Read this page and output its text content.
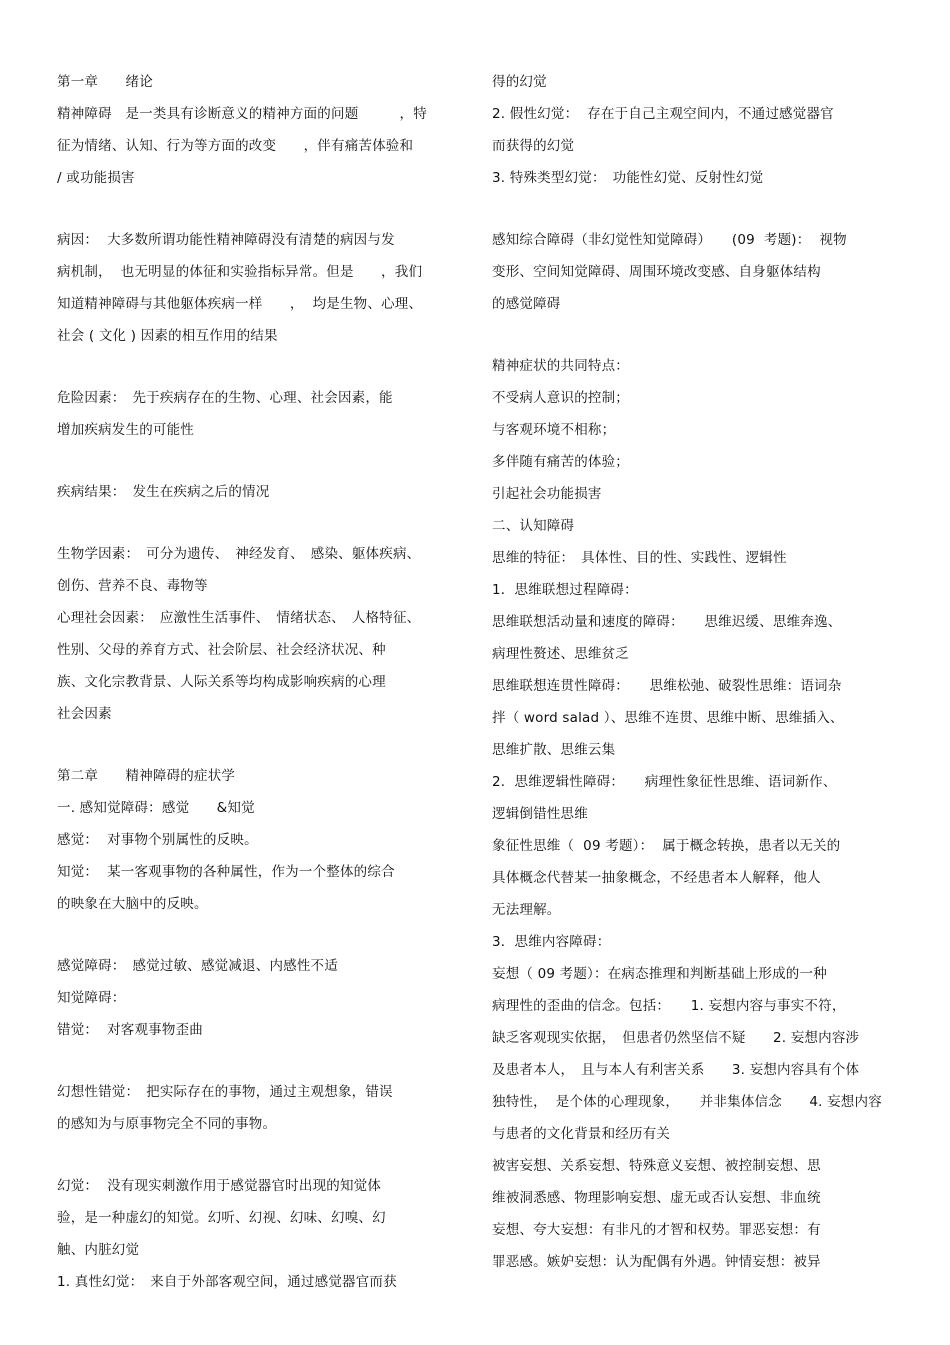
第一章　　绪论
精神障碍　是一类具有诊断意义的精神方面的问题　　　，特
征为情绪、认知、行为等方面的改变　　，伴有痛苦体验和
/ 或功能损害
病因：  大多数所谓功能性精神障碍没有清楚的病因与发
病机制，  也无明显的体征和实验指标异常。但是　　，我们
知道精神障碍与其他躯体疾病一样　　，  均是生物、心理、
社会 ( 文化 ) 因素的相互作用的结果
危险因素：　先于疾病存在的生物、心理、社会因素，能
增加疾病发生的可能性
疾病结果：　发生在疾病之后的情况
生物学因素：　可分为遗传、　神经发育、　感染、躯体疾病、
创伤、营养不良、毒物等
心理社会因素：　应激性生活事件、　情绪状态、　人格特征、
性别、父母的养育方式、社会阶层、社会经济状况、种
族、文化宗教背景、人际关系等均构成影响疾病的心理
社会因素
第二章　　精神障碍的症状学
一. 感知觉障碍：感觉　　&知觉
感觉：  对事物个别属性的反映。
知觉：  某一客观事物的各种属性，作为一个整体的综合
的映象在大脑中的反映。
感觉障碍：　感觉过敏、感觉减退、内感性不适
知觉障碍：
错觉：  对客观事物歪曲
幻想性错觉：　把实际存在的事物，通过主观想象，错误
的感知为与原事物完全不同的事物。
幻觉：  没有现实刺激作用于感觉器官时出现的知觉体
验，是一种虚幻的知觉。幻听、幻视、幻味、幻嗅、幻
触、内脏幻觉
1. 真性幻觉：　来自于外部客观空间，通过感觉器官而获
得的幻觉
2. 假性幻觉：  存在于自己主观空间内，不通过感觉器官
而获得的幻觉
3. 特殊类型幻觉：　功能性幻觉、反射性幻觉
感知综合障碍（非幻觉性知觉障碍）　　(09  考题)：  视物
变形、空间知觉障碍、周围环境改变感、自身躯体结构
的感觉障碍
精神症状的共同特点：
不受病人意识的控制；
与客观环境不相称；
多伴随有痛苦的体验；
引起社会功能损害
二、认知障碍
思维的特征：　具体性、目的性、实践性、逻辑性
1．思维联想过程障碍：
思维联想活动量和速度的障碍：　　思维迟缓、思维奔逸、
病理性赘述、思维贫乏
思维联想连贯性障碍：　　思维松弛、破裂性思维：语词杂
拌（ word salad ）、思维不连贯、思维中断、思维插入、
思维扩散、思维云集
2．思维逻辑性障碍：　　病理性象征性思维、语词新作、
逻辑倒错性思维
象征性思维（  09 考题）：  属于概念转换，患者以无关的
具体概念代替某一抽象概念，不经患者本人解释，他人
无法理解。
3．思维内容障碍：
妄想（ 09 考题）：在病态推理和判断基础上形成的一种
病理性的歪曲的信念。包括：　　1. 妄想内容与事实不符，
缺乏客观现实依据，　但患者仍然坚信不疑　　2. 妄想内容涉
及患者本人，　且与本人有利害关系　　3. 妄想内容具有个体
独特性，  是个体的心理现象，　　并非集体信念　　4. 妄想内容
与患者的文化背景和经历有关
被害妄想、关系妄想、特殊意义妄想、被控制妄想、思
维被洞悉感、物理影响妄想、虚无或否认妄想、非血统
妄想、夸大妄想：有非凡的才智和权势。罪恶妄想：有
罪恶感。嫉妒妄想：认为配偶有外遇。钟情妄想：被异
